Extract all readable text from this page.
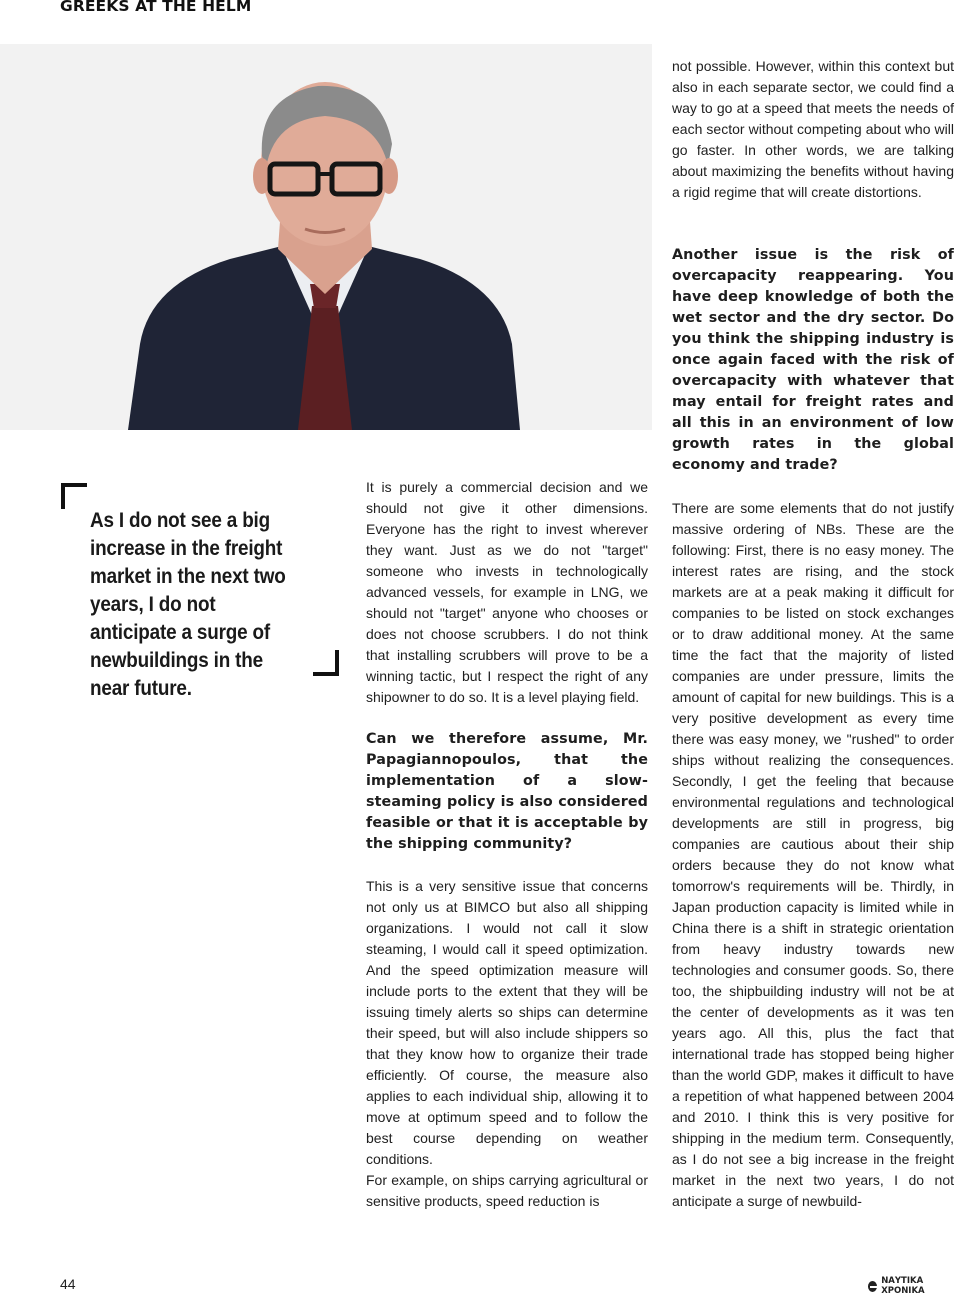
GREEKS AT THE HELM
As I do not see a big increase in the freight market in the next two years, I do not anticipate a surge of newbuildings in the near future.

It is purely a commercial decision and we should not give it other dimensions. Everyone has the right to invest wherever they want. Just as we do not "target" someone who invests in technologically advanced vessels, for example in LNG, we should not "target" anyone who chooses or does not choose scrubbers. I do not think that installing scrubbers will prove to be a winning tactic, but I respect the right of any shipowner to do so. It is a level playing field.

Can we therefore assume, Mr. Papagiannopoulos, that the implementation of a slow-steaming policy is also considered feasible or that it is acceptable by the shipping community?

This is a very sensitive issue that concerns not only us at BIMCO but also all shipping organizations. I would not call it slow steaming, I would call it speed optimization. And the speed optimization measure will include ports to the extent that they will be issuing timely alerts so ships can determine their speed, but will also include shippers so that they know how to organize their trade efficiently. Of course, the measure also applies to each individual ship, allowing it to move at optimum speed and to follow the best course depending on weather conditions.

For example, on ships carrying agricultural or sensitive products, speed reduction is

not possible. However, within this context but also in each separate sector, we could find a way to go at a speed that meets the needs of each sector without competing about who will go faster. In other words, we are talking about maximizing the benefits without having a rigid regime that will create distortions.

Another issue is the risk of overcapacity reappearing. You have deep knowledge of both the wet sector and the dry sector. Do you think the shipping industry is once again faced with the risk of overcapacity with whatever that may entail for freight rates and all this in an environment of low growth rates in the global economy and trade?

There are some elements that do not justify massive ordering of NBs. These are the following: First, there is no easy money. The interest rates are rising, and the stock markets are at a peak making it difficult for companies to be listed on stock exchanges or to draw additional money. At the same time the fact that the majority of listed companies are under pressure, limits the amount of capital for new buildings. This is a very positive development as every time there was easy money, we "rushed" to order ships without realizing the consequences. Secondly, I get the feeling that because environmental regulations and technological developments are still in progress, big companies are cautious about their ship orders because they do not know what tomorrow's requirements will be. Thirdly, in Japan production capacity is limited while in China there is a shift in strategic orientation from heavy industry towards new technologies and consumer goods. So, there too, the shipbuilding industry will not be at the center of developments as it was ten years ago. All this, plus the fact that international trade has stopped being higher than the world GDP, makes it difficult to have a repetition of what happened between 2004 and 2010. I think this is very positive for shipping in the medium term. Consequently, as I do not see a big increase in the freight market in the next two years, I do not anticipate a surge of newbuild-

44	ΝΑΥΤΙΚΑ ΧΡΟΝΙΚΑ
